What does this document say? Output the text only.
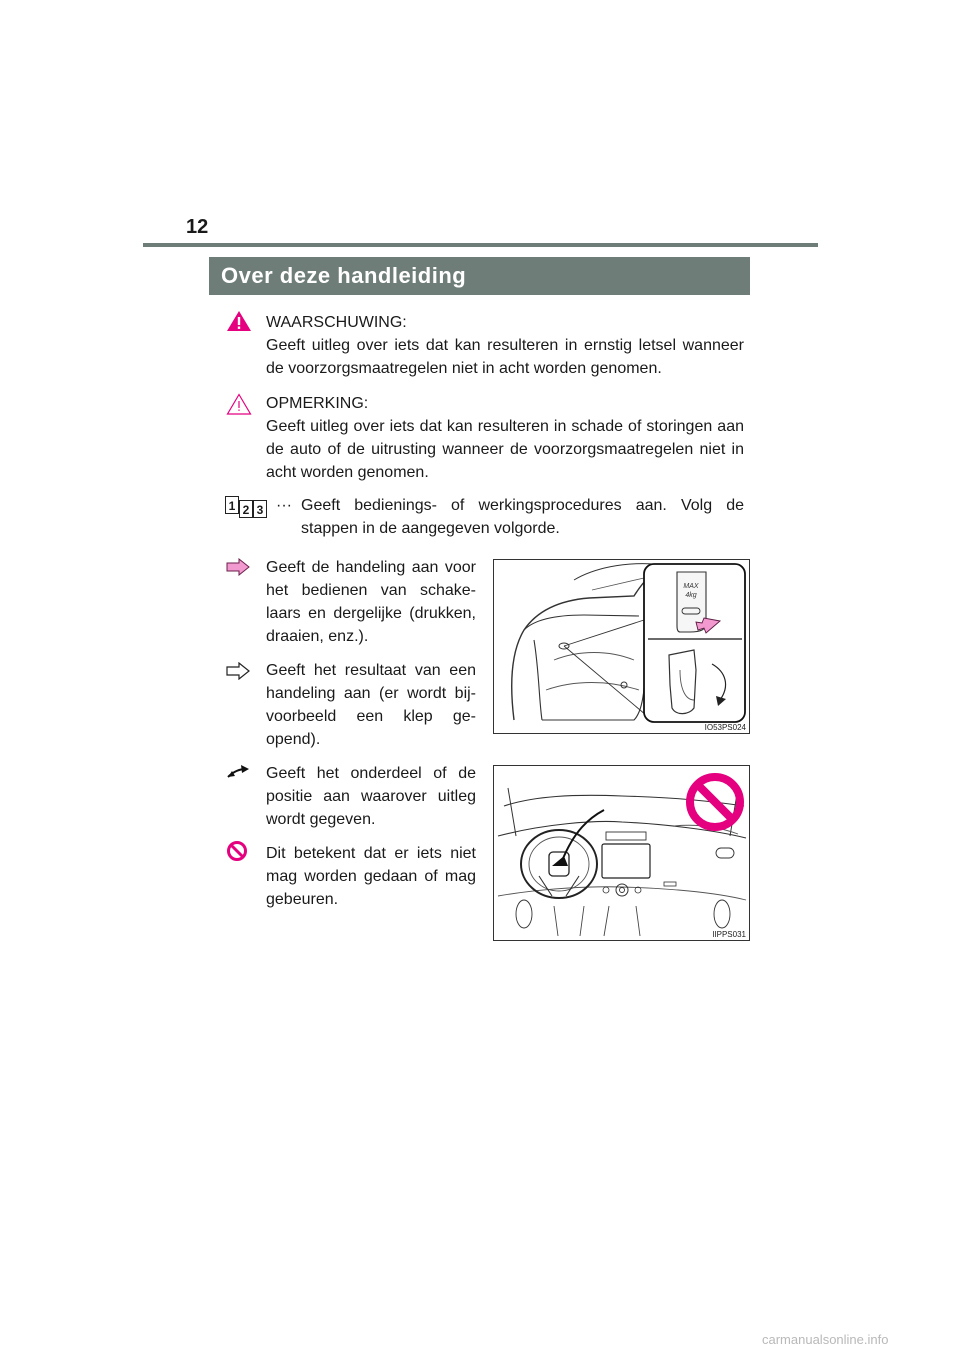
12
Over deze handleiding
WAARSCHUWING:
Geeft uitleg over iets dat kan resulteren in ernstig letsel wanneer de voorzorgsmaatregelen niet in acht worden genomen.
OPMERKING:
Geeft uitleg over iets dat kan resulteren in schade of storingen aan de auto of de uitrusting wanneer de voorzorgsmaatregelen niet in acht worden genomen.
1 2 3 ··· Geeft bedienings- of werkingsprocedures aan. Volg de stappen in de aangegeven volgorde.
Geeft de handeling aan voor het bedienen van schake-laars en dergelijke (drukken, draaien, enz.).
Geeft het resultaat van een handeling aan (er wordt bij-voorbeeld een klep ge-opend).
Geeft het onderdeel of de positie aan waarover uitleg wordt gegeven.
Dit betekent dat er iets niet mag worden gedaan of mag gebeuren.
MAX
4kg
IO53PS024
IIPPS031
carmanualsonline.info
